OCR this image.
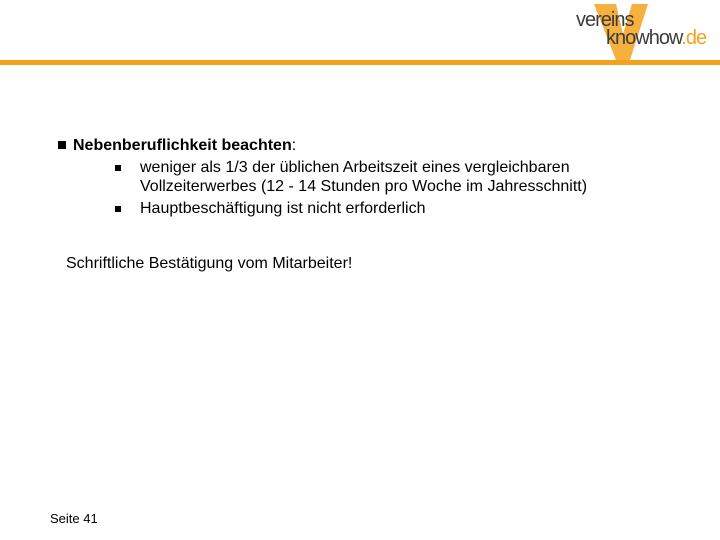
vereins
knowhow.de
Nebenberuflichkeit beachten:
weniger als 1/3 der üblichen Arbeitszeit eines vergleichbaren
Vollzeiterwerbes (12 - 14 Stunden pro Woche im Jahresschnitt)
Hauptbeschäftigung ist nicht erforderlich
Schriftliche Bestätigung vom Mitarbeiter!
Seite 41
